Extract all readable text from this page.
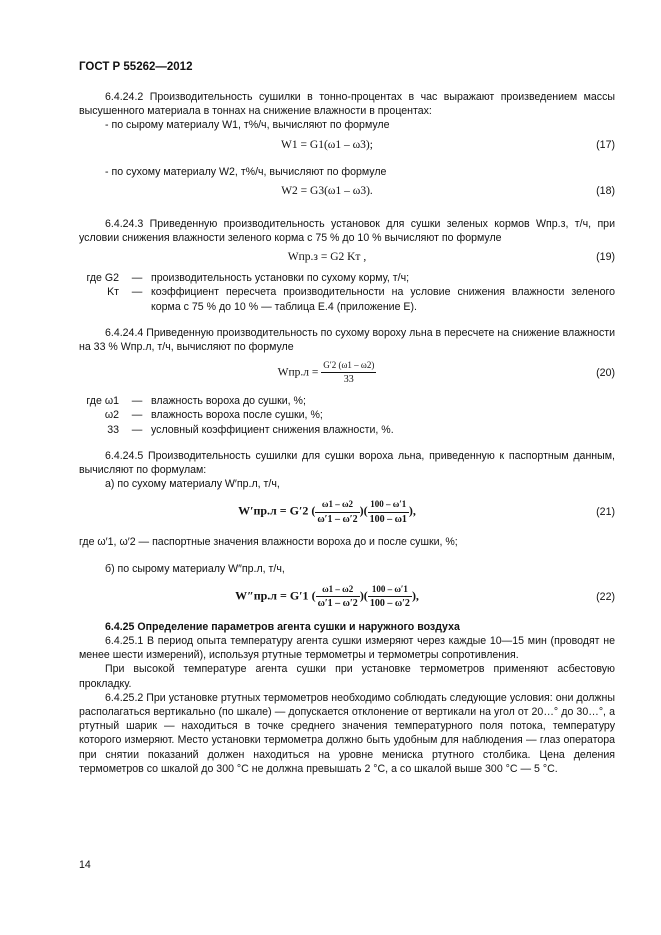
ГОСТ Р 55262—2012

6.4.24.2 Производительность сушилки в тонно-процентах в час выражают произведением массы высушенного материала в тоннах на снижение влажности в процентах:

- по сырому материалу W1, т%/ч, вычисляют по формуле

W1 = G1(ω1 – ω3);	(17)

- по сухому материалу W2, т%/ч, вычисляют по формуле

W2 = G3(ω1 – ω3).	(18)

6.4.24.3 Приведенную производительность установок для сушки зеленых кормов Wпр.з, т/ч, при условии снижения влажности зеленого корма с 75 % до 10 % вычисляют по формуле

Wпр.з = G2 Kт ,	(19)
где G2	— производительность установки по сухому корму, т/ч;
Kт	— коэффициент пересчета производительности на условие снижения влажности зеленого корма с 75 % до 10 % — таблица Е.4 (приложение Е).

6.4.24.4 Приведенную производительность по сухому вороху льна в пересчете на снижение влажности на 33 % Wпр.л, т/ч, вычисляют по формуле

$Wпр.л = \frac{G'2 (\omega 1 - \omega 2)}{33}$	(20)
где ω1	— влажность вороха до сушки, %;
ω2	— влажность вороха после сушки, %;
33	— условный коэффициент снижения влажности, %.

6.4.24.5 Производительность сушилки для сушки вороха льна, приведенную к паспортным данным, вычисляют по формулам:

а) по сухому материалу W′пр.л, т/ч,

W′пр.л = G′2 ( $\frac{\omega 1 - \omega 2}{\omega'1 - \omega'2}$ )( $\frac{100 - \omega'1}{100 - \omega 1}$ ),	(21)

где ω′1, ω′2 — паспортные значения влажности вороха до и после сушки, %;

б) по сырому материалу W″пр.л, т/ч,

W″пр.л = G′1 ( $\frac{\omega 1 - \omega 2}{\omega'1 - \omega'2}$ )( $\frac{100 - \omega'1}{100 - \omega'2}$ ),	(22)

6.4.25 Определение параметров агента сушки и наружного воздуха

6.4.25.1 В период опыта температуру агента сушки измеряют через каждые 10—15 мин (проводят не менее шести измерений), используя ртутные термометры и термометры сопротивления.

При высокой температуре агента сушки при установке термометров применяют асбестовую прокладку.

6.4.25.2 При установке ртутных термометров необходимо соблюдать следующие условия: они должны располагаться вертикально (по шкале) — допускается отклонение от вертикали на угол от 20…° до 30…°, а ртутный шарик — находиться в точке среднего значения температурного поля потока, температуру которого измеряют. Место установки термометра должно быть удобным для наблюдения — глаз оператора при снятии показаний должен находиться на уровне мениска ртутного столбика. Цена деления термометров со шкалой до 300 °С не должна превышать 2 °С, а со шкалой выше 300 °С — 5 °С.

14
